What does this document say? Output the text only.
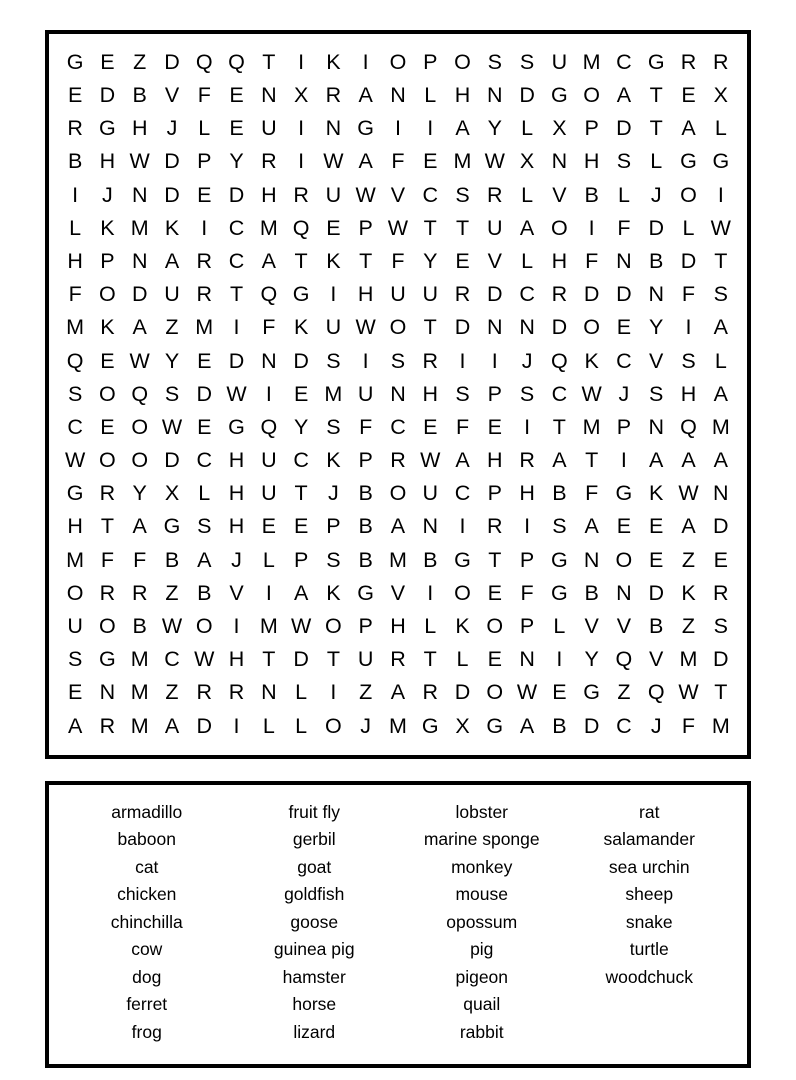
G	E	Z	D	Q	Q	T	I	K	I	O	P	O	S	S	U	M	C	G	R	R
E	D	B	V	F	E	N	X	R	A	N	L	H	N	D	G	O	A	T	E	X
R	G	H	J	L	E	U	I	N	G	I	I	A	Y	L	X	P	D	T	A	L
B	H	W	D	P	Y	R	I	W	A	F	E	M	W	X	N	H	S	L	G	G
I	J	N	D	E	D	H	R	U	W	V	C	S	R	L	V	B	L	J	O	I
L	K	M	K	I	C	M	Q	E	P	W	T	T	U	A	O	I	F	D	L	W
H	P	N	A	R	C	A	T	K	T	F	Y	E	V	L	H	F	N	B	D	T
F	O	D	U	R	T	Q	G	I	H	U	U	R	D	C	R	D	D	N	F	S
M	K	A	Z	M	I	F	K	U	W	O	T	D	N	N	D	O	E	Y	I	A
Q	E	W	Y	E	D	N	D	S	I	S	R	I	I	J	Q	K	C	V	S	L
S	O	Q	S	D	W	I	E	M	U	N	H	S	P	S	C	W	J	S	H	A
C	E	O	W	E	G	Q	Y	S	F	C	E	F	E	I	T	M	P	N	Q	M
W	O	O	D	C	H	U	C	K	P	R	W	A	H	R	A	T	I	A	A	A
G	R	Y	X	L	H	U	T	J	B	O	U	C	P	H	B	F	G	K	W	N
H	T	A	G	S	H	E	E	P	B	A	N	I	R	I	S	A	E	E	A	D
M	F	F	B	A	J	L	P	S	B	M	B	G	T	P	G	N	O	E	Z	E
O	R	R	Z	B	V	I	A	K	G	V	I	O	E	F	G	B	N	D	K	R
U	O	B	W	O	I	M	W	O	P	H	L	K	O	P	L	V	V	B	Z	S
S	G	M	C	W	H	T	D	T	U	R	T	L	E	N	I	Y	Q	V	M	D
E	N	M	Z	R	R	N	L	I	Z	A	R	D	O	W	E	G	Z	Q	W	T
A	R	M	A	D	I	L	L	O	J	M	G	X	G	A	B	D	C	J	F	M
armadillo
baboon
cat
chicken
chinchilla
cow
dog
ferret
frog
fruit fly
gerbil
goat
goldfish
goose
guinea pig
hamster
horse
lizard
lobster
marine sponge
monkey
mouse
opossum
pig
pigeon
quail
rabbit
rat
salamander
sea urchin
sheep
snake
turtle
woodchuck
